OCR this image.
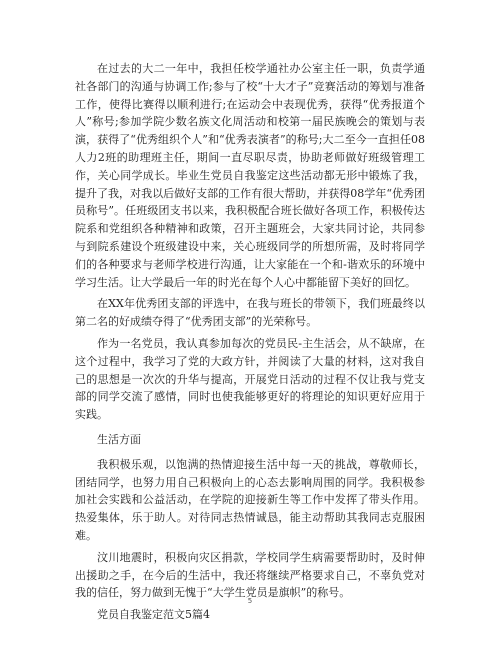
在过去的大二一年中，我担任校学通社办公室主任一职，负责学通社各部门的沟通与协调工作;参与了校“十大才子”竞赛活动的筹划与准备工作，使得比赛得以顺利进行;在运动会中表现优秀，获得“优秀报道个人”称号;参加学院少数名族文化周活动和校第一届民族晚会的策划与表演，获得了“优秀组织个人”和“优秀表演者”的称号;大二至今一直担任08人力2班的助理班主任，期间一直尽职尽责，协助老师做好班级管理工作，关心同学成长。毕业生党员自我鉴定这些活动都无形中锻炼了我，提升了我，对我以后做好支部的工作有很大帮助，并获得08学年“优秀团员称号”。任班级团支书以来，我积极配合班长做好各项工作，积极传达院系和党组织各种精神和政策，召开主题班会，大家共同讨论，共同参与到院系建设个班级建设中来，关心班级同学的所想所需，及时将同学们的各种要求与老师学校进行沟通，让大家能在一个和-谐欢乐的环境中学习生活。让大学最后一年的时光在每个人心中都能留下美好的回忆。

在XX年优秀团支部的评选中，在我与班长的带领下，我们班最终以第二名的好成绩夺得了“优秀团支部”的光荣称号。

作为一名党员，我认真参加每次的党员民-主生活会，从不缺席，在这个过程中，我学习了党的大政方针，并阅读了大量的材料，这对我自己的思想是一次次的升华与提高，开展党日活动的过程不仅让我与党支部的同学交流了感情，同时也使我能够更好的将理论的知识更好应用于实践。

生活方面

我积极乐观，以饱满的热情迎接生活中每一天的挑战，尊敬师长，团结同学，也努力用自己积极向上的心态去影响周围的同学。我积极参加社会实践和公益活动，在学院的迎接新生等工作中发挥了带头作用。 热爱集体，乐于助人。对待同志热情诚恳，能主动帮助其我同志克服困难。

汶川地震时，积极向灾区捐款，学校同学生病需要帮助时，及时伸出援助之手，在今后的生活中，我还将继续严格要求自己，不辜负党对我的信任，努力做到无愧于“大学生党员是旗帜”的称号。

党员自我鉴定范文5篇4

5
